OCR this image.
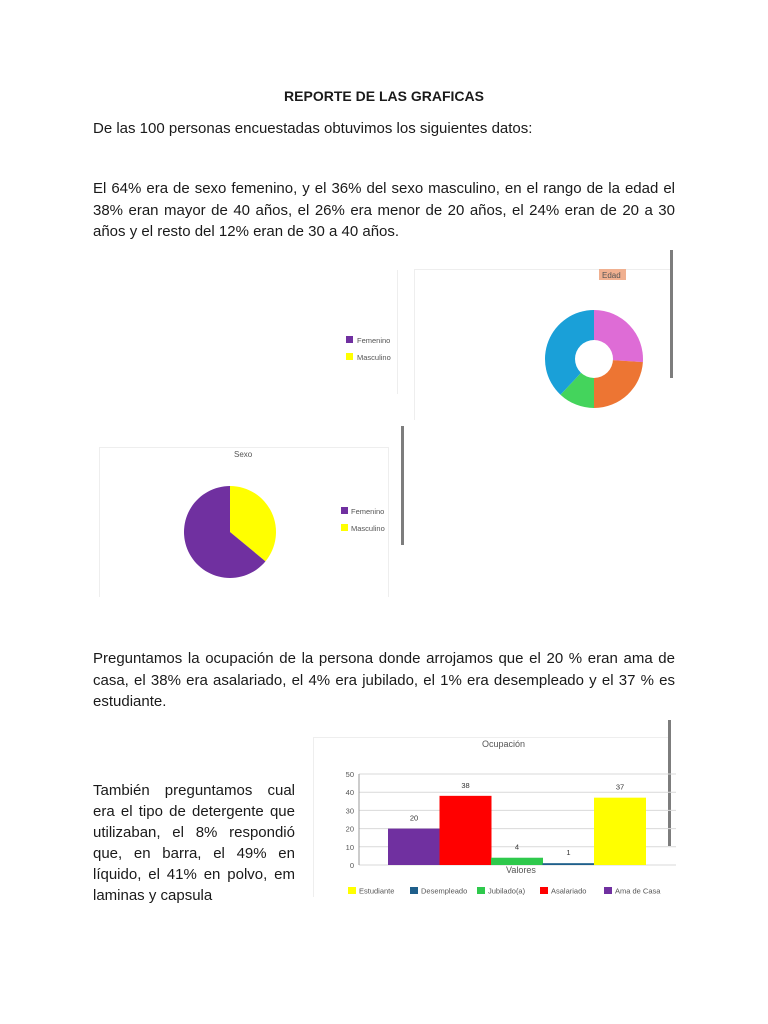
REPORTE DE LAS GRAFICAS
De las 100 personas encuestadas obtuvimos los siguientes datos:
El 64% era de sexo femenino, y el 36% del sexo masculino, en el rango de la edad el 38% eran mayor de 40 años, el 26% era menor de 20 años, el 24% eran de 20 a 30 años y el resto del 12% eran de 30 a 40 años.
Femenino
Masculino
Edad
Sexo
Femenino
Masculino
Preguntamos la ocupación de la persona donde arrojamos que el 20 % eran ama de casa, el 38% era asalariado, el 4% era jubilado, el 1% era desempleado y el 37 % es estudiante.
También preguntamos cual era el tipo de detergente que utilizaban, el 8% respondió que, en barra, el 49% en líquido, el 41% en polvo, em laminas y capsula
Ocupación
0
10
20
30
40
50
20
38
4
1
37
Valores
Estudiante	Desempleado	Jubilado(a)	Asalariado	Ama de Casa
